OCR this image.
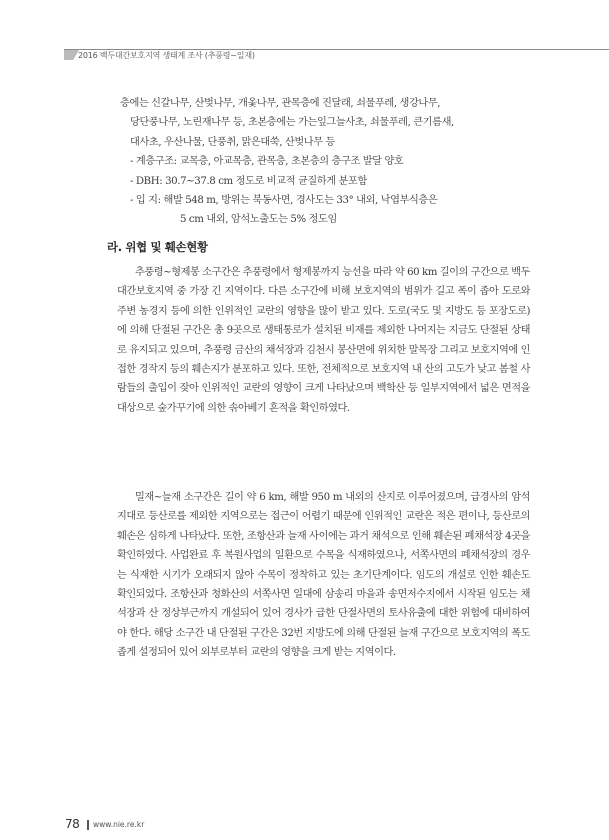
2016 백두대간보호지역 생태계 조사 (추풍령~일재)

층에는 신갈나무, 산벚나무, 개옻나무, 관목층에 진달래, 쇠물푸레, 생강나무,

당단풍나무, 노린재나무 등, 초본층에는 가는잎그늘사초, 쇠물푸레, 큰기름새,

대사초, 우산나물, 단풍취, 맑은대쑥, 산벚나무 등

- 계층구조: 교목층, 아교목층, 관목층, 초본층의 층구조 발달 양호

- DBH: 30.7~37.8 cm 정도로 비교적 균질하게 분포함

- 입 지: 해발 548 m, 방위는 북동사면, 경사도는 33° 내외, 낙엽부식층은

5 cm 내외, 암석노출도는 5% 정도임

라. 위협 및 훼손현황

추풍령~형제봉 소구간은 추풍령에서 형제봉까지 능선을 따라 약 60 km 길이의 구간으로 백두대간보호지역 중 가장 긴 지역이다. 다른 소구간에 비해 보호지역의 범위가 길고 폭이 좁아 도로와 주변 농경지 등에 의한 인위적인 교란의 영향을 많이 받고 있다. 도로(국도 및 지방도 등 포장도로)에 의해 단절된 구간은 총 9곳으로 생태통로가 설치된 비재를 제외한 나머지는 지금도 단절된 상태로 유지되고 있으며, 추풍령 금산의 채석장과 김천시 봉산면에 위치한 말목장 그리고 보호지역에 인접한 경작지 등의 훼손지가 분포하고 있다. 또한, 전체적으로 보호지역 내 산의 고도가 낮고 봄철 사람들의 출입이 잦아 인위적인 교란의 영향이 크게 나타났으며 백학산 등 일부지역에서 넓은 면적을 대상으로 숲가꾸기에 의한 솎아베기 흔적을 확인하였다.

밀재~늘재 소구간은 길이 약 6 km, 해발 950 m 내외의 산지로 이루어졌으며, 급경사의 암석지대로 등산로를 제외한 지역으로는 접근이 어렵기 때문에 인위적인 교란은 적은 편이나, 등산로의 훼손은 심하게 나타났다. 또한, 조항산과 늘재 사이에는 과거 채석으로 인해 훼손된 폐채석장 4곳을 확인하였다. 사업완료 후 복원사업의 일환으로 수목을 식재하였으나, 서쪽사면의 폐채석장의 경우는 식재한 시기가 오래되지 않아 수목이 정착하고 있는 초기단계이다. 임도의 개설로 인한 훼손도 확인되었다. 조항산과 청화산의 서쪽사면 일대에 삼송리 마을과 송면저수지에서 시작된 임도는 채석장과 산 정상부근까지 개설되어 있어 경사가 급한 단절사면의 토사유출에 대한 위험에 대비하여야 한다. 해당 소구간 내 단절된 구간은 32번 지방도에 의해 단절된 늘재 구간으로 보호지역의 폭도 좁게 설정되어 있어 외부로부터 교란의 영향을 크게 받는 지역이다.

78 www.nie.re.kr
